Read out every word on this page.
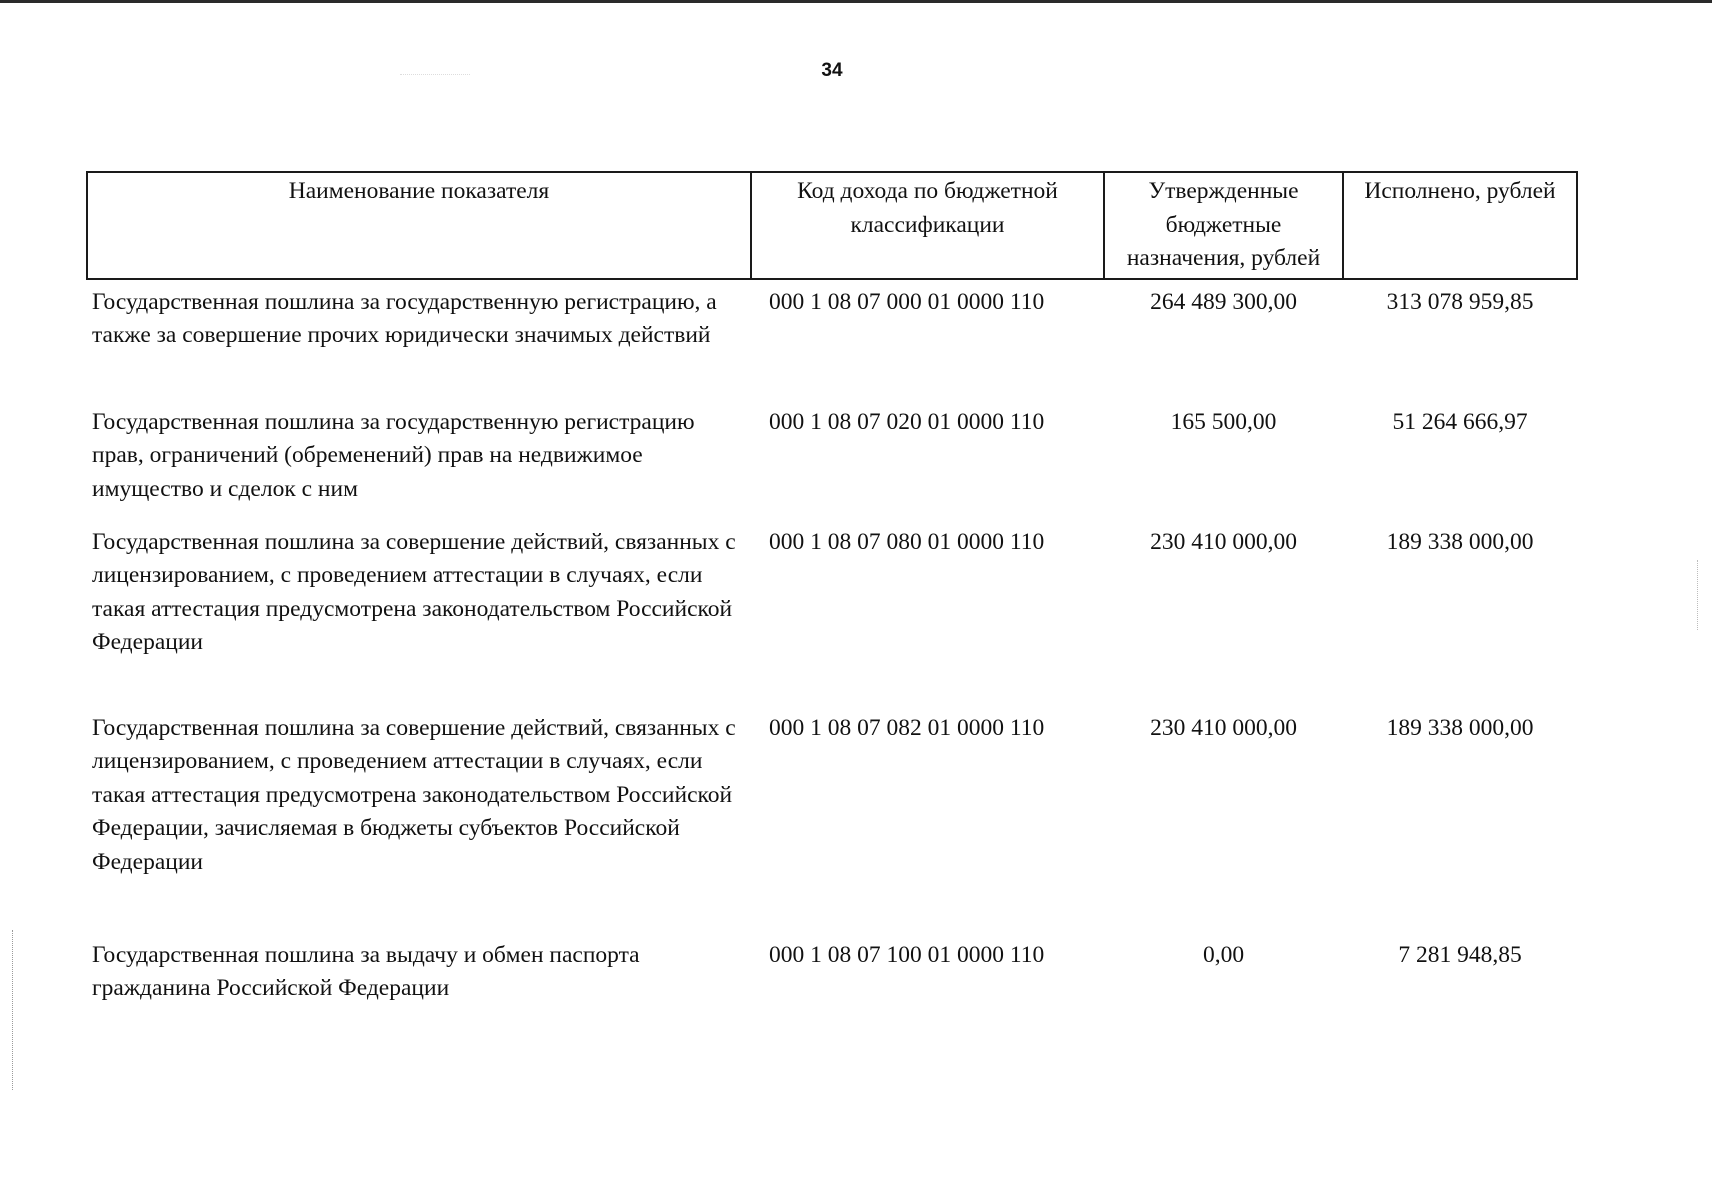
34
Наименование показателя	Код дохода по бюджетной классификации	Утвержденные бюджетные назначения, рублей	Исполнено, рублей
Государственная пошлина за государственную регистрацию, а также за совершение прочих юридически значимых действий	000 1 08 07 000 01 0000 110	264 489 300,00	313 078 959,85
Государственная пошлина за государственную регистрацию прав, ограничений (обременений) прав на недвижимое имущество и сделок с ним	000 1 08 07 020 01 0000 110	165 500,00	51 264 666,97
Государственная пошлина за совершение действий, связанных с лицензированием, с проведением аттестации в случаях, если такая аттестация предусмотрена законодательством Российской Федерации	000 1 08 07 080 01 0000 110	230 410 000,00	189 338 000,00
Государственная пошлина за совершение действий, связанных с лицензированием, с проведением аттестации в случаях, если такая аттестация предусмотрена законодательством Российской Федерации, зачисляемая в бюджеты субъектов Российской Федерации	000 1 08 07 082 01 0000 110	230 410 000,00	189 338 000,00
Государственная пошлина за выдачу и обмен паспорта гражданина Российской Федерации	000 1 08 07 100 01 0000 110	0,00	7 281 948,85
